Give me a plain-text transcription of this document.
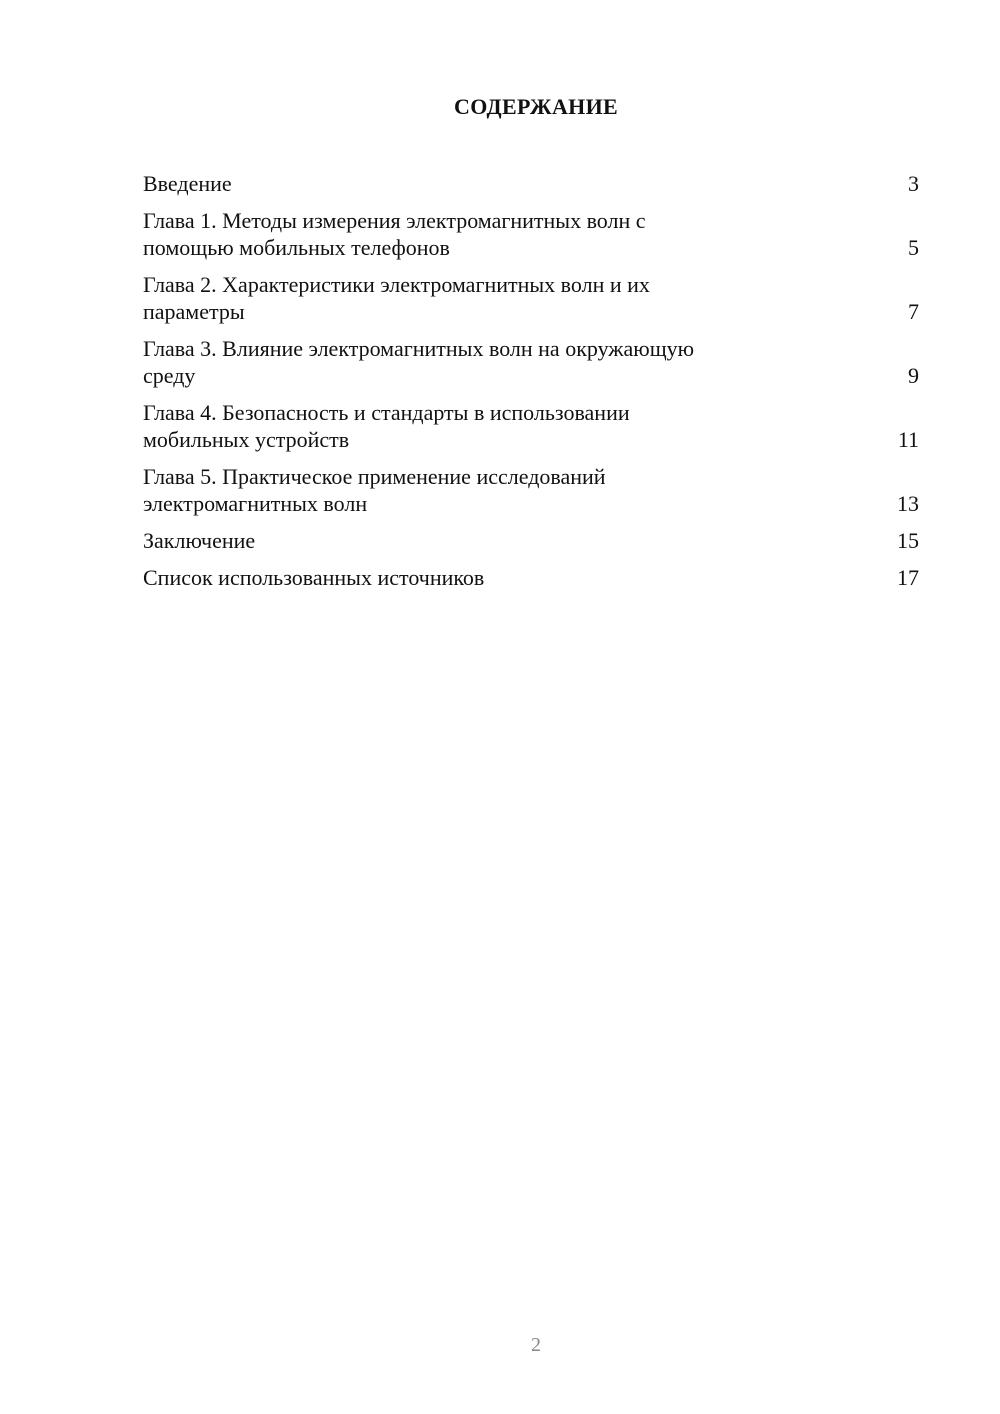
СОДЕРЖАНИЕ
Введение	3
Глава 1. Методы измерения электромагнитных волн с
помощью мобильных телефонов	5
Глава 2. Характеристики электромагнитных волн и их
параметры	7
Глава 3. Влияние электромагнитных волн на окружающую
среду	9
Глава 4. Безопасность и стандарты в использовании
мобильных устройств	11
Глава 5. Практическое применение исследований
электромагнитных волн	13
Заключение	15
Список использованных источников	17
2
